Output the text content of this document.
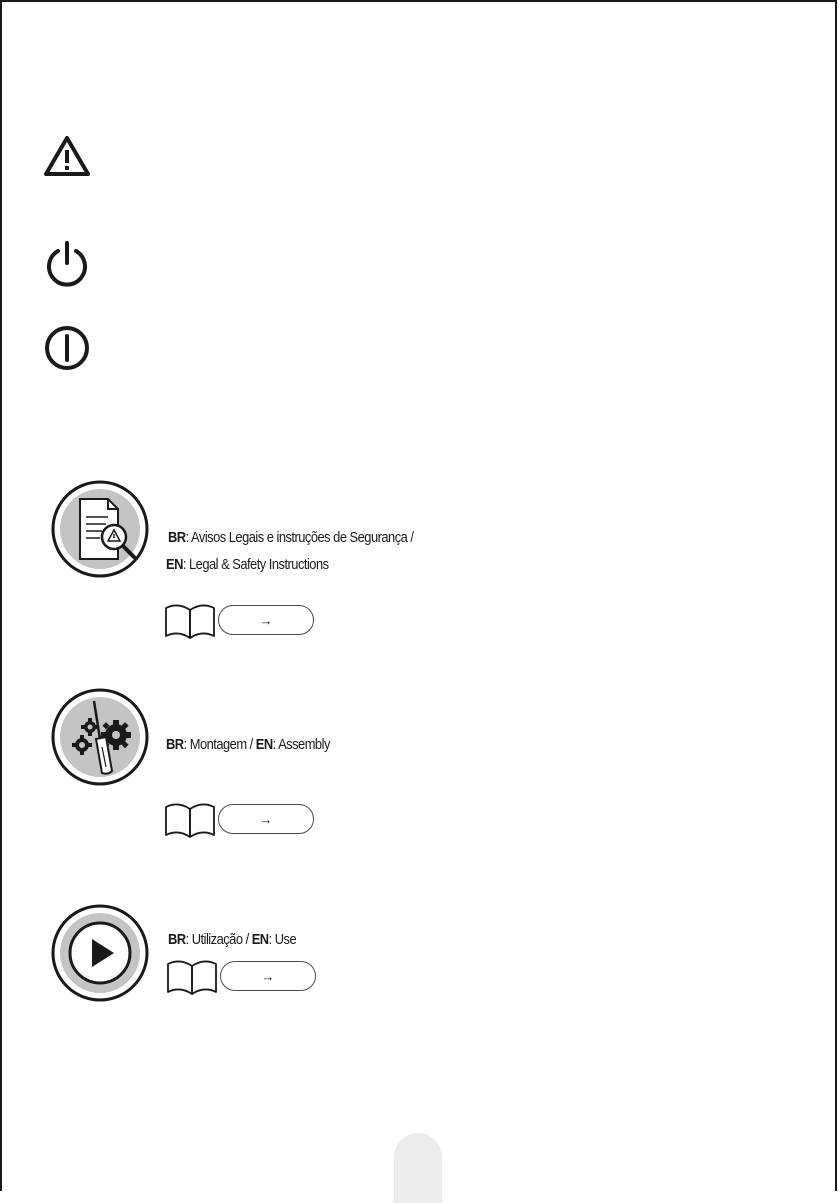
BR: Avisos Legais e instruções de Segurança /
EN: Legal & Safety Instructions
→
BR: Montagem / EN: Assembly
→
BR: Utilização / EN: Use
→
